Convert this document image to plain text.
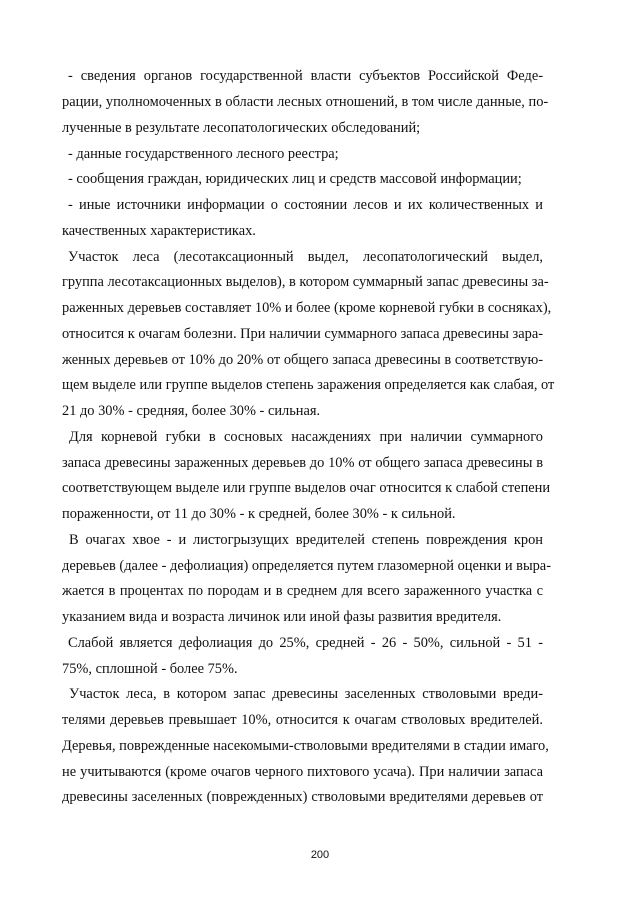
- сведения органов государственной власти субъектов Российской Феде-
рации, уполномоченных в области лесных отношений, в том числе данные, по-
лученные в результате лесопатологических обследований;
- данные государственного лесного реестра;
- сообщения граждан, юридических лиц и средств массовой информации;
- иные источники информации о состоянии лесов и их количественных и
качественных характеристиках.
Участок леса (лесотаксационный выдел, лесопатологический выдел,
группа лесотаксационных выделов), в котором суммарный запас древесины за-
раженных деревьев составляет 10% и более (кроме корневой губки в сосняках),
относится к очагам болезни. При наличии суммарного запаса древесины зара-
женных деревьев от 10% до 20% от общего запаса древесины в соответствую-
щем выделе или группе выделов степень заражения определяется как слабая, от
21 до 30% - средняя, более 30% - сильная.
Для корневой губки в сосновых насаждениях при наличии суммарного
запаса древесины зараженных деревьев до 10% от общего запаса древесины в
соответствующем выделе или группе выделов очаг относится к слабой степени
пораженности, от 11 до 30% - к средней, более 30% - к сильной.
В очагах хвое - и листогрызущих вредителей степень повреждения крон
деревьев (далее - дефолиация) определяется путем глазомерной оценки и выра-
жается в процентах по породам и в среднем для всего зараженного участка с
указанием вида и возраста личинок или иной фазы развития вредителя.
Слабой является дефолиация до 25%, средней - 26 - 50%, сильной - 51 -
75%, сплошной - более 75%.
Участок леса, в котором запас древесины заселенных стволовыми вреди-
телями деревьев превышает 10%, относится к очагам стволовых вредителей.
Деревья, поврежденные насекомыми-стволовыми вредителями в стадии имаго,
не учитываются (кроме очагов черного пихтового усача). При наличии запаса
древесины заселенных (поврежденных) стволовыми вредителями деревьев от
200
